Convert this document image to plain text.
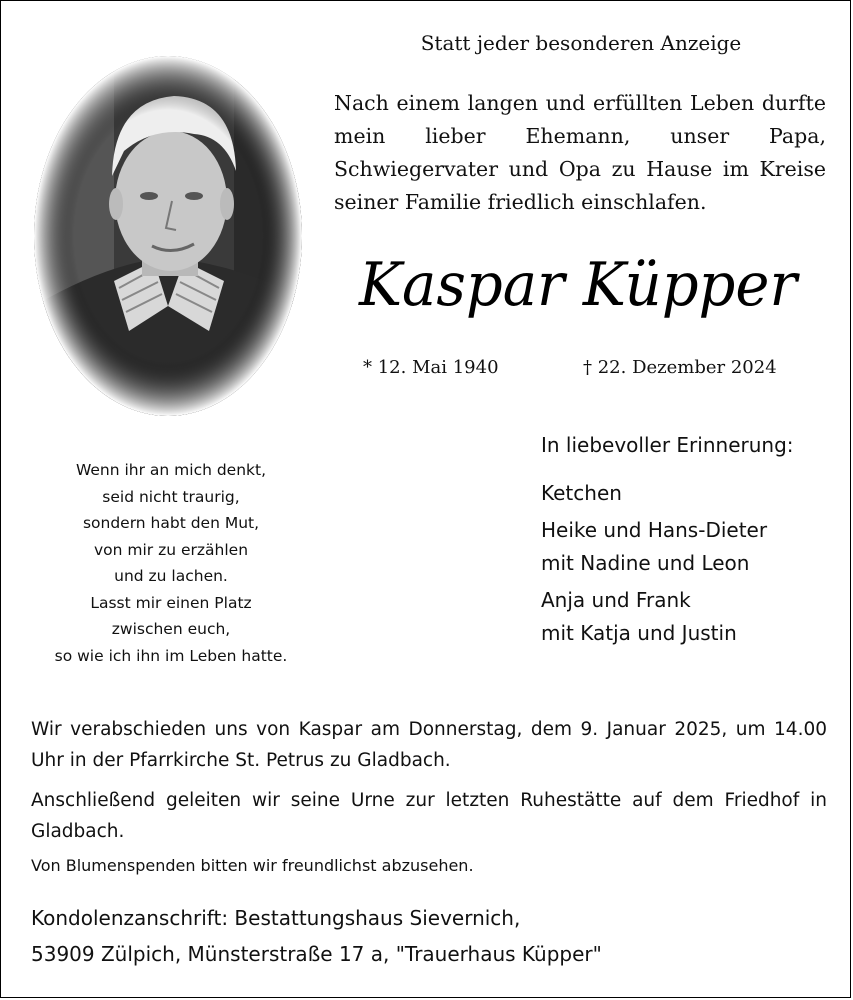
Statt jeder besonderen Anzeige
Nach einem langen und erfüllten Leben durfte mein lieber Ehemann, unser Papa, Schwiegervater und Opa zu Hause im Kreise seiner Familie friedlich einschlafen.
Kaspar Küpper
* 12. Mai 1940	† 22. Dezember 2024
In liebevoller Erinnerung:
Ketchen
Heike und Hans-Dieter
mit Nadine und Leon
Anja und Frank
mit Katja und Justin
Wenn ihr an mich denkt,
seid nicht traurig,
sondern habt den Mut,
von mir zu erzählen
und zu lachen.
Lasst mir einen Platz
zwischen euch,
so wie ich ihn im Leben hatte.
Wir verabschieden uns von Kaspar am Donnerstag, dem 9. Januar 2025, um 14.00 Uhr in der Pfarrkirche St. Petrus zu Gladbach.
Anschließend geleiten wir seine Urne zur letzten Ruhestätte auf dem Friedhof in Gladbach.
Von Blumenspenden bitten wir freundlichst abzusehen.
Kondolenzanschrift: Bestattungshaus Sievernich,
53909 Zülpich, Münsterstraße 17 a, "Trauerhaus Küpper"
